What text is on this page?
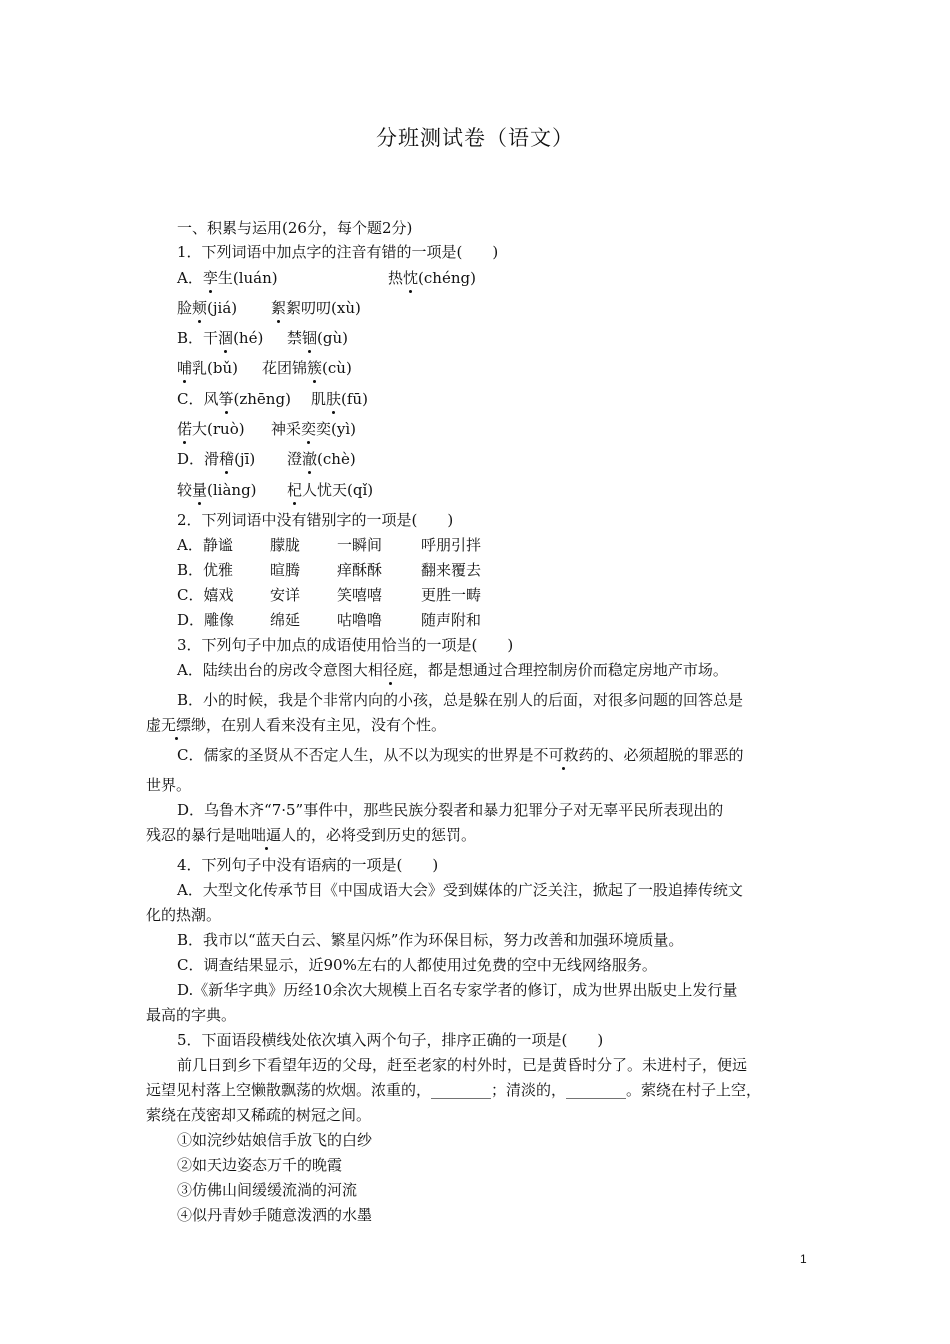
分班测试卷（语文）
一、积累与运用(26分，每个题2分)
1．下列词语中加点字的注音有错的一项是(　　)
A．孪生(luán)	热忱(chéng)
脸颊(jiá) 絮絮叨叨(xù)
B．干涸(hé) 禁锢(gù)
哺乳(bǔ) 花团锦簇(cù)
C．风筝(zhēng) 肌肤(fū)
偌大(ruò) 神采奕奕(yì)
D．滑稽(jī) 澄澈(chè)
较量(liàng) 杞人忧天(qǐ)
2．下列词语中没有错别字的一项是(　　)
A．静谧 朦胧 一瞬间	呼朋引拌
B．优雅 暄腾 痒酥酥	翻来覆去
C．嬉戏 安详 笑嘻嘻	更胜一畴
D．雕像 绵延 咕噜噜	随声附和
3．下列句子中加点的成语使用恰当的一项是(　　)
A．陆续出台的房改令意图大相径庭，都是想通过合理控制房价而稳定房地产市场。
B．小的时候，我是个非常内向的小孩，总是躲在别人的后面，对很多问题的回答总是
虚无缥缈，在别人看来没有主见，没有个性。
C．儒家的圣贤从不否定人生，从不以为现实的世界是不可救药的、必须超脱的罪恶的
世界。
D．乌鲁木齐“7·5”事件中，那些民族分裂者和暴力犯罪分子对无辜平民所表现出的
残忍的暴行是咄咄逼人的，必将受到历史的惩罚。
4．下列句子中没有语病的一项是(　　)
A．大型文化传承节目《中国成语大会》受到媒体的广泛关注，掀起了一股追捧传统文
化的热潮。
B．我市以“蓝天白云、繁星闪烁”作为环保目标，努力改善和加强环境质量。
C．调查结果显示，近90%左右的人都使用过免费的空中无线网络服务。
D.《新华字典》历经10余次大规模上百名专家学者的修订，成为世界出版史上发行量
最高的字典。
5．下面语段横线处依次填入两个句子，排序正确的一项是(　　)
前几日到乡下看望年迈的父母，赶至老家的村外时，已是黄昏时分了。未进村子，便远
远望见村落上空懒散飘荡的炊烟。浓重的，________；清淡的，________。萦绕在村子上空，
萦绕在茂密却又稀疏的树冠之间。
①如浣纱姑娘信手放飞的白纱
②如天边姿态万千的晚霞
③仿佛山间缓缓流淌的河流
④似丹青妙手随意泼洒的水墨
1
